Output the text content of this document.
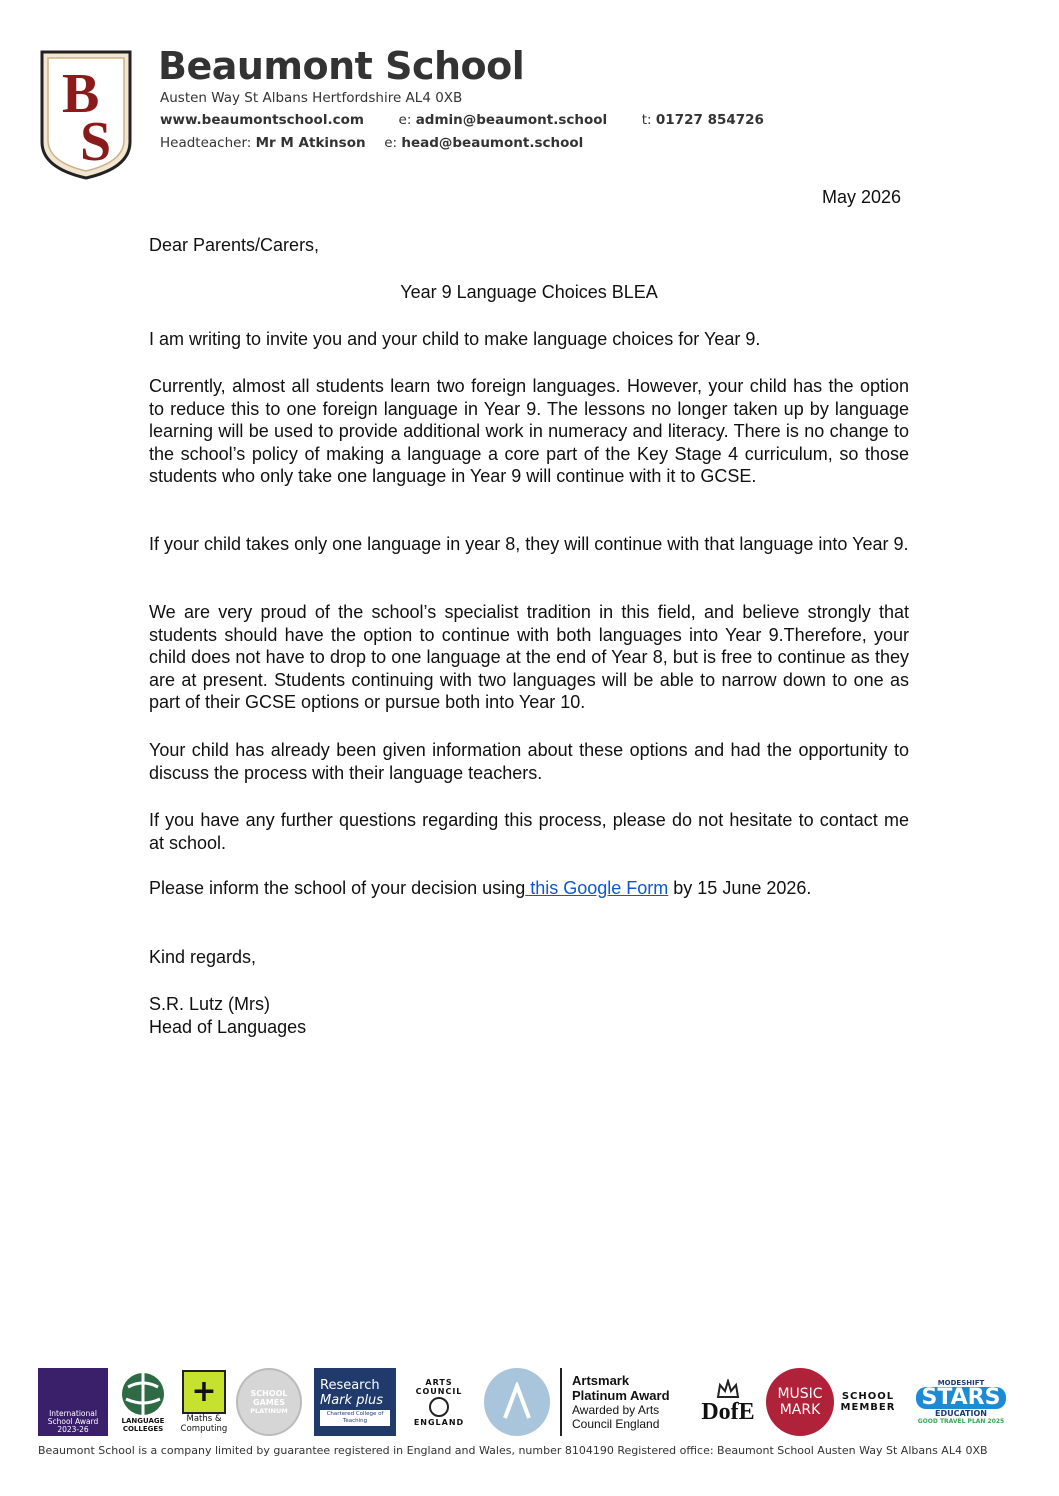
B
S
Beaumont School
Austen Way St Albans Hertfordshire AL4 0XB
www.beaumontschool.com	e: admin@beaumont.school	t: 01727 854726
Headteacher: Mr M Atkinson e: head@beaumont.school
May 2026

Dear Parents/Carers,

Year 9 Language Choices BLEA

I am writing to invite you and your child to make language choices for Year 9.

Currently, almost all students learn two foreign languages. However, your child has the option to reduce this to one foreign language in Year 9. The lessons no longer taken up by language learning will be used to provide additional work in numeracy and literacy. There is no change to the school’s policy of making a language a core part of the Key Stage 4 curriculum, so those students who only take one language in Year 9 will continue with it to GCSE.

If your child takes only one language in year 8, they will continue with that language into Year 9.

We are very proud of the school’s specialist tradition in this field, and believe strongly that students should have the option to continue with both languages into Year 9.Therefore, your child does not have to drop to one language at the end of Year 8, but is free to continue as they are at present. Students continuing with two languages will be able to narrow down to one as part of their GCSE options or pursue both into Year 10.

Your child has already been given information about these options and had the opportunity to discuss the process with their language teachers.

If you have any further questions regarding this process, please do not hesitate to contact me at school.

Please inform the school of your decision using this Google Form by 15 June 2026.

Kind regards,

S.R. Lutz (Mrs)

Head of Languages

International School Award 2023-26
LANGUAGE COLLEGES
+
Maths & Computing
SCHOOL GAMES
PLATINUM
Research
Mark plus
Chartered College of Teaching
ARTS COUNCIL
ENGLAND
Artsmark
Platinum Award
Awarded by Arts Council England	DofE
MUSIC
MARK
SCHOOL
MEMBER
MODESHIFT
STARS
EDUCATION
GOOD TRAVEL PLAN 2025
Beaumont School is a company limited by guarantee registered in England and Wales, number 8104190 Registered office: Beaumont School Austen Way St Albans AL4 0XB
